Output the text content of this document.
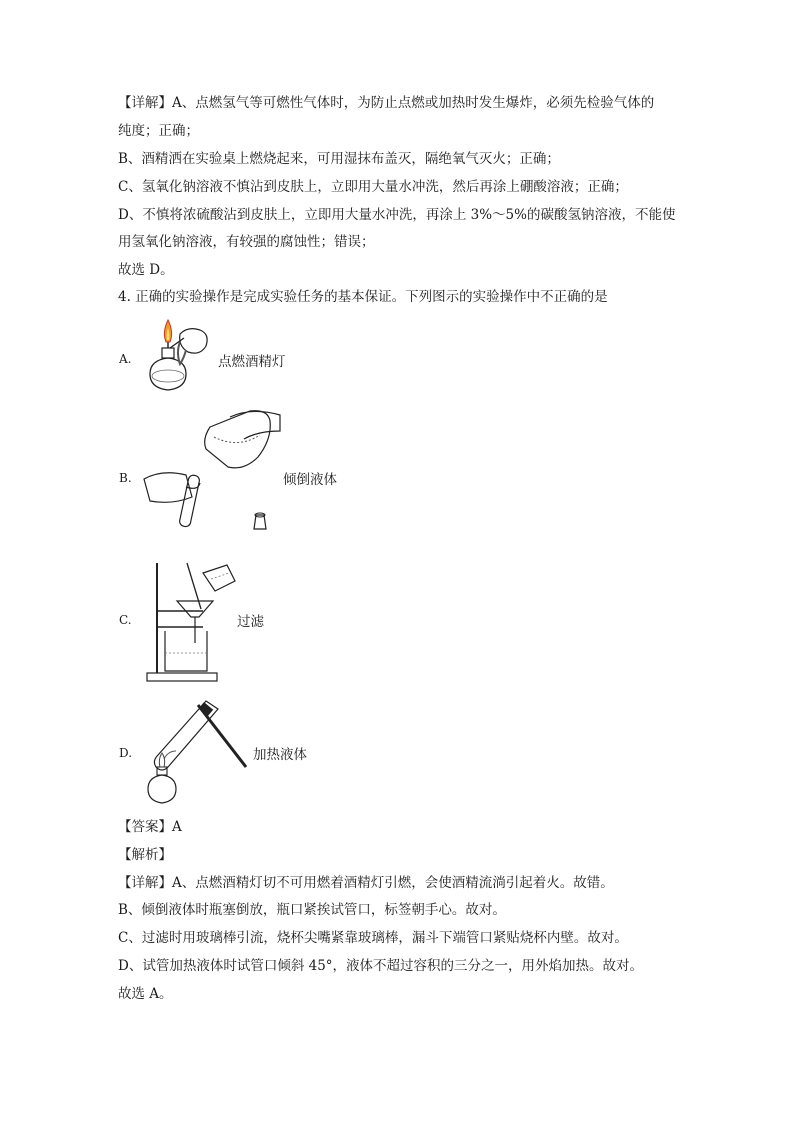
【详解】A、点燃氢气等可燃性气体时，为防止点燃或加热时发生爆炸，必须先检验气体的
纯度；正确；
B、酒精洒在实验桌上燃烧起来，可用湿抹布盖灭，隔绝氧气灭火；正确；
C、氢氧化钠溶液不慎沾到皮肤上，立即用大量水冲洗，然后再涂上硼酸溶液；正确；
D、不慎将浓硫酸沾到皮肤上，立即用大量水冲洗，再涂上 3%～5%的碳酸氢钠溶液，不能使
用氢氧化钠溶液，有较强的腐蚀性；错误；
故选 D。
4. 正确的实验操作是完成实验任务的基本保证。下列图示的实验操作中不正确的是
A.	点燃酒精灯
B.	倾倒液体
C.	过滤
D.	加热液体
【答案】A
【解析】
【详解】A、点燃酒精灯切不可用燃着酒精灯引燃，会使酒精流淌引起着火。故错。
B、倾倒液体时瓶塞倒放，瓶口紧挨试管口，标签朝手心。故对。
C、过滤时用玻璃棒引流，烧杯尖嘴紧靠玻璃棒，漏斗下端管口紧贴烧杯内壁。故对。
D、试管加热液体时试管口倾斜 45°，液体不超过容积的三分之一，用外焰加热。故对。
故选 A。
